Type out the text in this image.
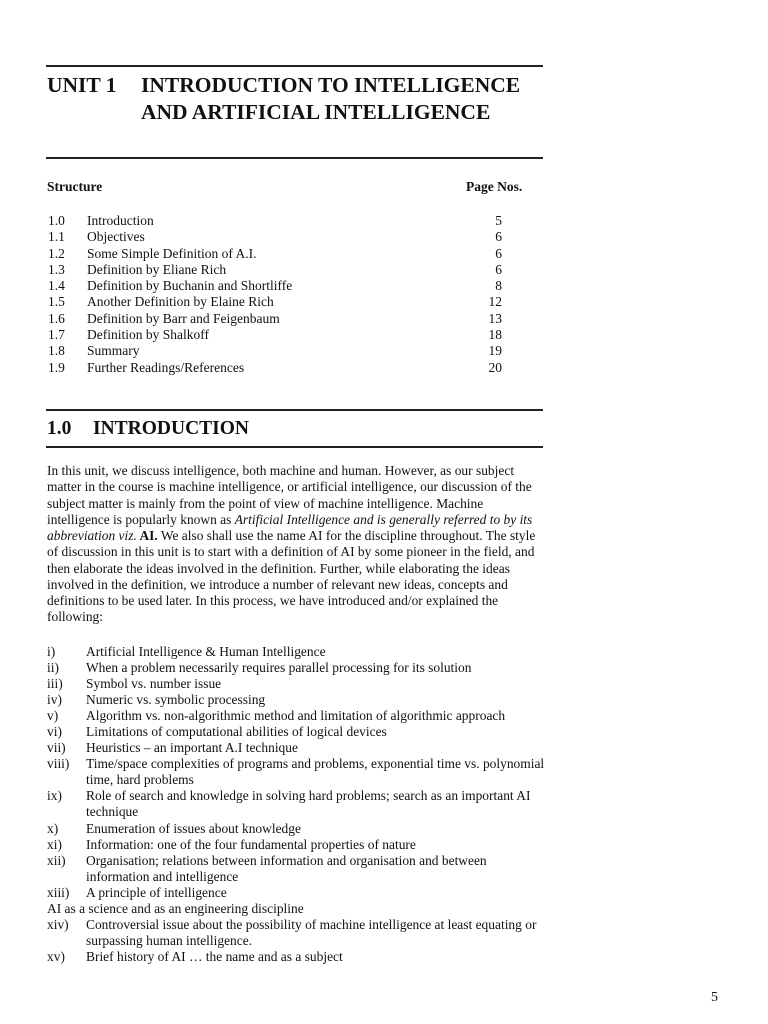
UNIT 1 INTRODUCTION TO INTELLIGENCE AND ARTIFICIAL INTELLIGENCE
Structure	Page Nos.
1.0 Introduction	5
1.1 Objectives	6
1.2 Some Simple Definition of A.I.	6
1.3 Definition by Eliane Rich	6
1.4 Definition by Buchanin and Shortliffe	8
1.5 Another Definition by Elaine Rich	12
1.6 Definition by Barr and Feigenbaum	13
1.7 Definition by Shalkoff	18
1.8 Summary	19
1.9 Further Readings/References	20
1.0 INTRODUCTION
In this unit, we discuss intelligence, both machine and human. However, as our subject matter in the course is machine intelligence, or artificial intelligence, our discussion of the subject matter is mainly from the point of view of machine intelligence. Machine intelligence is popularly known as Artificial Intelligence and is generally referred to by its abbreviation viz. AI. We also shall use the name AI for the discipline throughout. The style of discussion in this unit is to start with a definition of AI by some pioneer in the field, and then elaborate the ideas involved in the definition. Further, while elaborating the ideas involved in the definition, we introduce a number of relevant new ideas, concepts and definitions to be used later. In this process, we have introduced and/or explained the following:
i) Artificial Intelligence & Human Intelligence
ii) When a problem necessarily requires parallel processing for its solution
iii) Symbol vs. number issue
iv) Numeric vs. symbolic processing
v) Algorithm vs. non-algorithmic method and limitation of algorithmic approach
vi) Limitations of computational abilities of logical devices
vii) Heuristics – an important A.I technique
viii) Time/space complexities of programs and problems, exponential time vs. polynomial time, hard problems
ix) Role of search and knowledge in solving hard problems; search as an important AI technique
x) Enumeration of issues about knowledge
xi) Information: one of the four fundamental properties of nature
xii) Organisation; relations between information and organisation and between information and intelligence
xiii) A principle of intelligence
AI as a science and as an engineering discipline
xiv) Controversial issue about the possibility of machine intelligence at least equating or surpassing human intelligence.
xv) Brief history of AI … the name and as a subject
5
